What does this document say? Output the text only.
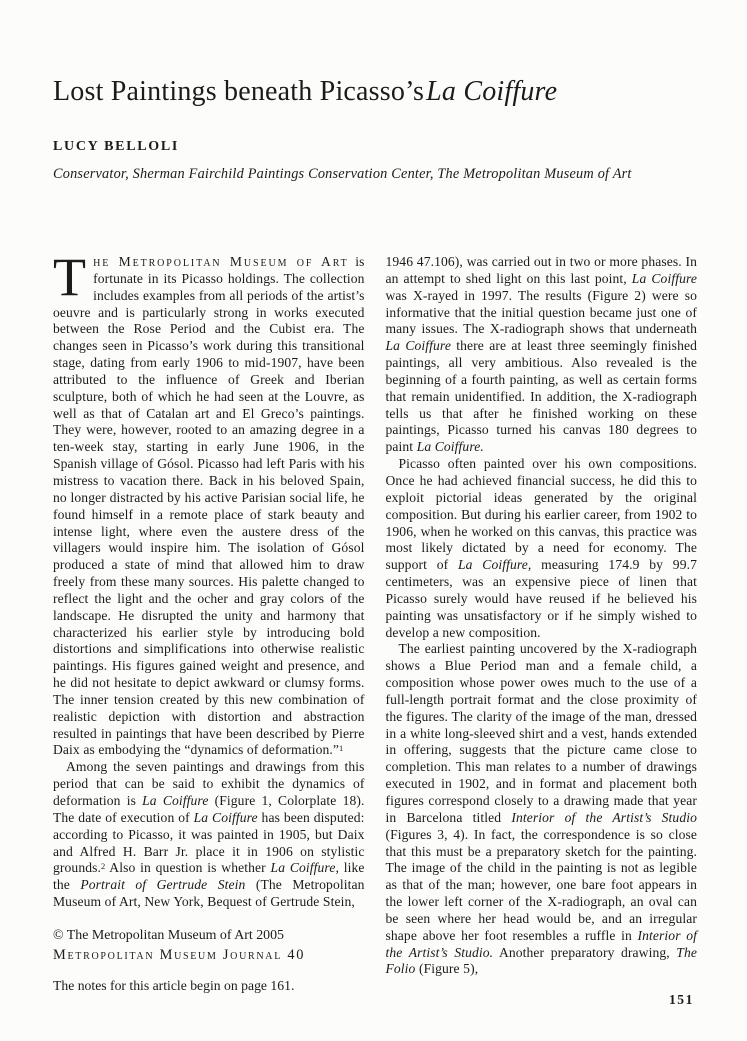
Lost Paintings beneath Picasso’sLa Coiffure
LUCY BELLOLI
Conservator, Sherman Fairchild Paintings Conservation Center, The Metropolitan Museum of Art

The Metropolitan Museum of Art is fortunate in its Picasso holdings. The collection includes examples from all periods of the artist’s oeuvre and is particularly strong in works executed between the Rose Period and the Cubist era. The changes seen in Picasso’s work during this transitional stage, dating from early 1906 to mid-1907, have been attributed to the influence of Greek and Iberian sculpture, both of which he had seen at the Louvre, as well as that of Catalan art and El Greco’s paintings. They were, however, rooted to an amazing degree in a ten-week stay, starting in early June 1906, in the Spanish village of Gósol. Picasso had left Paris with his mistress to vacation there. Back in his beloved Spain, no longer distracted by his active Parisian social life, he found himself in a remote place of stark beauty and intense light, where even the austere dress of the villagers would inspire him. The isolation of Gósol produced a state of mind that allowed him to draw freely from these many sources. His palette changed to reflect the light and the ocher and gray colors of the landscape. He disrupted the unity and harmony that characterized his earlier style by introducing bold distortions and simplifications into otherwise realistic paintings. His figures gained weight and presence, and he did not hesitate to depict awkward or clumsy forms. The inner tension created by this new combination of realistic depiction with distortion and abstraction resulted in paintings that have been described by Pierre Daix as embodying the “dynamics of deformation.”$^1$

Among the seven paintings and drawings from this period that can be said to exhibit the dynamics of deformation is La Coiffure (Figure 1, Colorplate 18). The date of execution of La Coiffure has been disputed: according to Picasso, it was painted in 1905, but Daix and Alfred H. Barr Jr. place it in 1906 on stylistic grounds.$^2$ Also in question is whether La Coiffure, like the Portrait of Gertrude Stein (The Metropolitan Museum of Art, New York, Bequest of Gertrude Stein,

© The Metropolitan Museum of Art 2005
Metropolitan Museum Journal 40
The notes for this article begin on page 161.

1946 47.106), was carried out in two or more phases. In an attempt to shed light on this last point, La Coiffure was X-rayed in 1997. The results (Figure 2) were so informative that the initial question became just one of many issues. The X-radiograph shows that underneath La Coiffure there are at least three seemingly finished paintings, all very ambitious. Also revealed is the beginning of a fourth painting, as well as certain forms that remain unidentified. In addition, the X-radiograph tells us that after he finished working on these paintings, Picasso turned his canvas 180 degrees to paint La Coiffure.

Picasso often painted over his own compositions. Once he had achieved financial success, he did this to exploit pictorial ideas generated by the original composition. But during his earlier career, from 1902 to 1906, when he worked on this canvas, this practice was most likely dictated by a need for economy. The support of La Coiffure, measuring 174.9 by 99.7 centimeters, was an expensive piece of linen that Picasso surely would have reused if he believed his painting was unsatisfactory or if he simply wished to develop a new composition.

The earliest painting uncovered by the X-radiograph shows a Blue Period man and a female child, a composition whose power owes much to the use of a full-length portrait format and the close proximity of the figures. The clarity of the image of the man, dressed in a white long-sleeved shirt and a vest, hands extended in offering, suggests that the picture came close to completion. This man relates to a number of drawings executed in 1902, and in format and placement both figures correspond closely to a drawing made that year in Barcelona titled Interior of the Artist’s Studio (Figures 3, 4). In fact, the correspondence is so close that this must be a preparatory sketch for the painting. The image of the child in the painting is not as legible as that of the man; however, one bare foot appears in the lower left corner of the X-radiograph, an oval can be seen where her head would be, and an irregular shape above her foot resembles a ruffle in Interior of the Artist’s Studio. Another preparatory drawing, The Folio (Figure 5),

151
